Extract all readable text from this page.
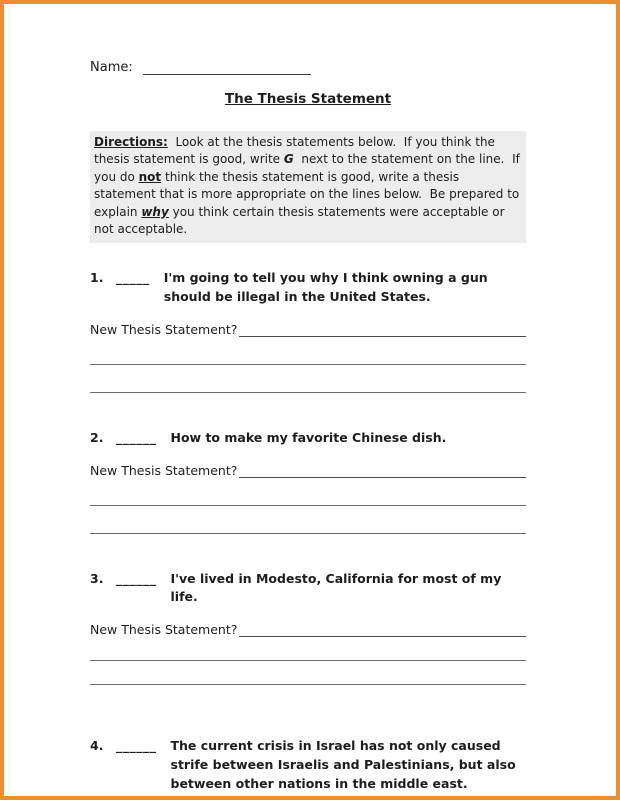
Name:
The Thesis Statement
Directions:  Look at the thesis statements below.  If you think the thesis statement is good, write G  next to the statement on the line.  If you do not think the thesis statement is good, write a thesis statement that is more appropriate on the lines below.  Be prepared to explain why you think certain thesis statements were acceptable or not acceptable.
1.	_____ I'm going to tell you why I think owning a gun should be illegal in the United States.
New Thesis Statement?
2.	______ How to make my favorite Chinese dish.
New Thesis Statement?
3.	______ I've lived in Modesto, California for most of my life.
New Thesis Statement?
4.	______ The current crisis in Israel has not only caused strife between Israelis and Palestinians, but also between other nations in the middle east.
